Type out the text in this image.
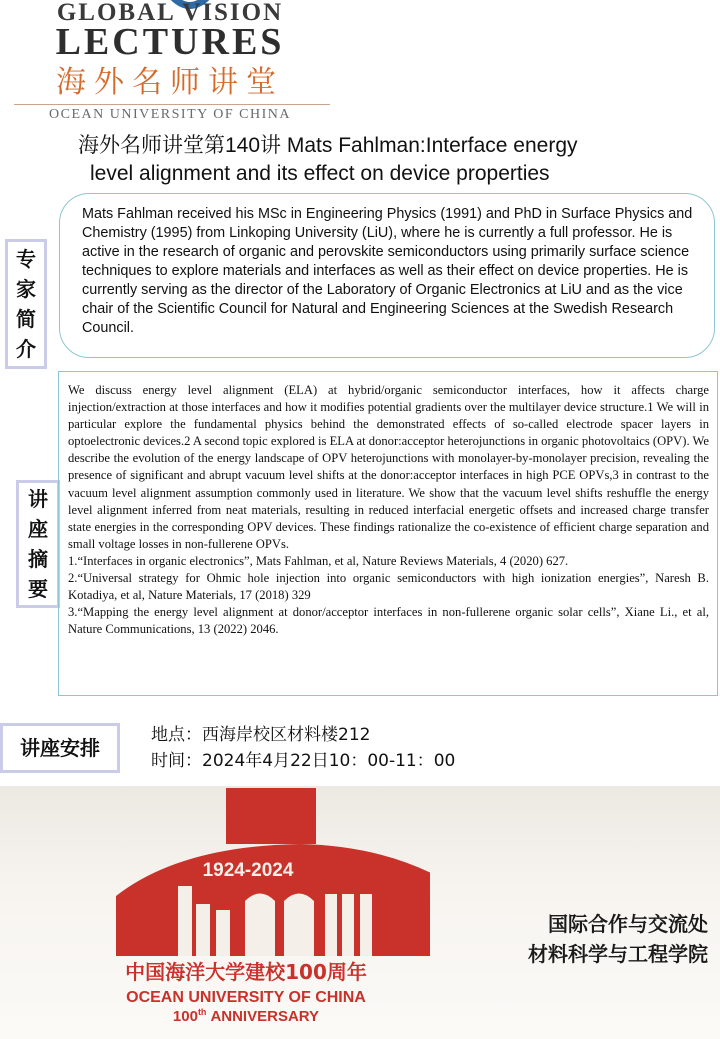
GLOBAL VISION
LECTURES
海外名师讲堂
OCEAN UNIVERSITY OF CHINA
海外名师讲堂第140讲 Mats Fahlman:Interface energy
level alignment and its effect on device properties
专
家
简
介
Mats Fahlman received his MSc in Engineering Physics (1991) and PhD in Surface Physics and Chemistry (1995) from Linkoping University (LiU), where he is currently a full professor. He is active in the research of organic and perovskite semiconductors using primarily surface science techniques to explore materials and interfaces as well as their effect on device properties. He is currently serving as the director of the Laboratory of Organic Electronics at LiU and as the vice chair of the Scientific Council for Natural and Engineering Sciences at the Swedish Research Council.
讲
座
摘
要

We discuss energy level alignment (ELA) at hybrid/organic semiconductor interfaces, how it affects charge injection/extraction at those interfaces and how it modifies potential gradients over the multilayer device structure.1 We will in particular explore the fundamental physics behind the demonstrated effects of so-called electrode spacer layers in optoelectronic devices.2 A second topic explored is ELA at donor:acceptor heterojunctions in organic photovoltaics (OPV). We describe the evolution of the energy landscape of OPV heterojunctions with monolayer-by-monolayer precision, revealing the presence of significant and abrupt vacuum level shifts at the donor:acceptor interfaces in high PCE OPVs,3 in contrast to the vacuum level alignment assumption commonly used in literature. We show that the vacuum level shifts reshuffle the energy level alignment inferred from neat materials, resulting in reduced interfacial energetic offsets and increased charge transfer state energies in the corresponding OPV devices. These findings rationalize the co-existence of efficient charge separation and small voltage losses in non-fullerene OPVs.

1.“Interfaces in organic electronics”, Mats Fahlman, et al, Nature Reviews Materials, 4 (2020) 627.

2.“Universal strategy for Ohmic hole injection into organic semiconductors with high ionization energies”, Naresh B. Kotadiya, et al, Nature Materials, 17 (2018) 329

3.“Mapping the energy level alignment at donor/acceptor interfaces in non-fullerene organic solar cells”, Xiane Li., et al, Nature Communications, 13 (2022) 2046.

讲座安排
地点：西海岸校区材料楼212
时间：2024年4月22日10：00-11：00
1924-2024
中国海洋大学建校100周年
OCEAN UNIVERSITY OF CHINA
100th ANNIVERSARY
国际合作与交流处
材料科学与工程学院
